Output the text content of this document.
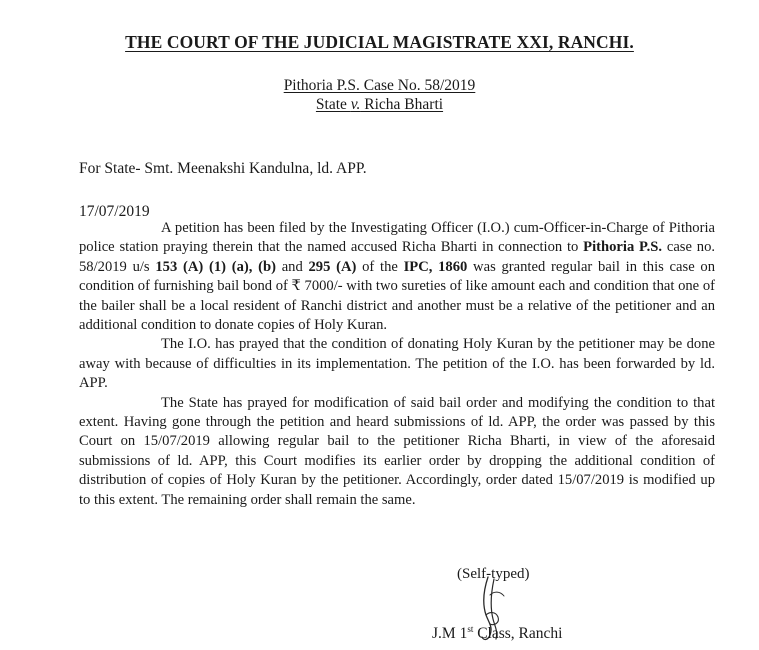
THE COURT OF THE JUDICIAL MAGISTRATE XXI, RANCHI.
Pithoria P.S. Case No. 58/2019
State v. Richa Bharti
For State- Smt. Meenakshi Kandulna, ld. APP.
17/07/2019

A petition has been filed by the Investigating Officer (I.O.) cum-Officer-in-Charge of Pithoria police station praying therein that the named accused Richa Bharti in connection to Pithoria P.S. case no. 58/2019 u/s 153 (A) (1) (a), (b) and 295 (A) of the IPC, 1860 was granted regular bail in this case on condition of furnishing bail bond of ₹ 7000/- with two sureties of like amount each and condition that one of the bailer shall be a local resident of Ranchi district and another must be a relative of the petitioner and an additional condition to donate copies of Holy Kuran.

The I.O. has prayed that the condition of donating Holy Kuran by the petitioner may be done away with because of difficulties in its implementation. The petition of the I.O. has been forwarded by ld. APP.

The State has prayed for modification of said bail order and modifying the condition to that extent. Having gone through the petition and heard submissions of ld. APP, the order was passed by this Court on 15/07/2019 allowing regular bail to the petitioner Richa Bharti, in view of the aforesaid submissions of ld. APP, this Court modifies its earlier order by dropping the additional condition of distribution of copies of Holy Kuran by the petitioner. Accordingly, order dated 15/07/2019 is modified up to this extent. The remaining order shall remain the same.

(Self-typed)
J.M 1st Class, Ranchi
